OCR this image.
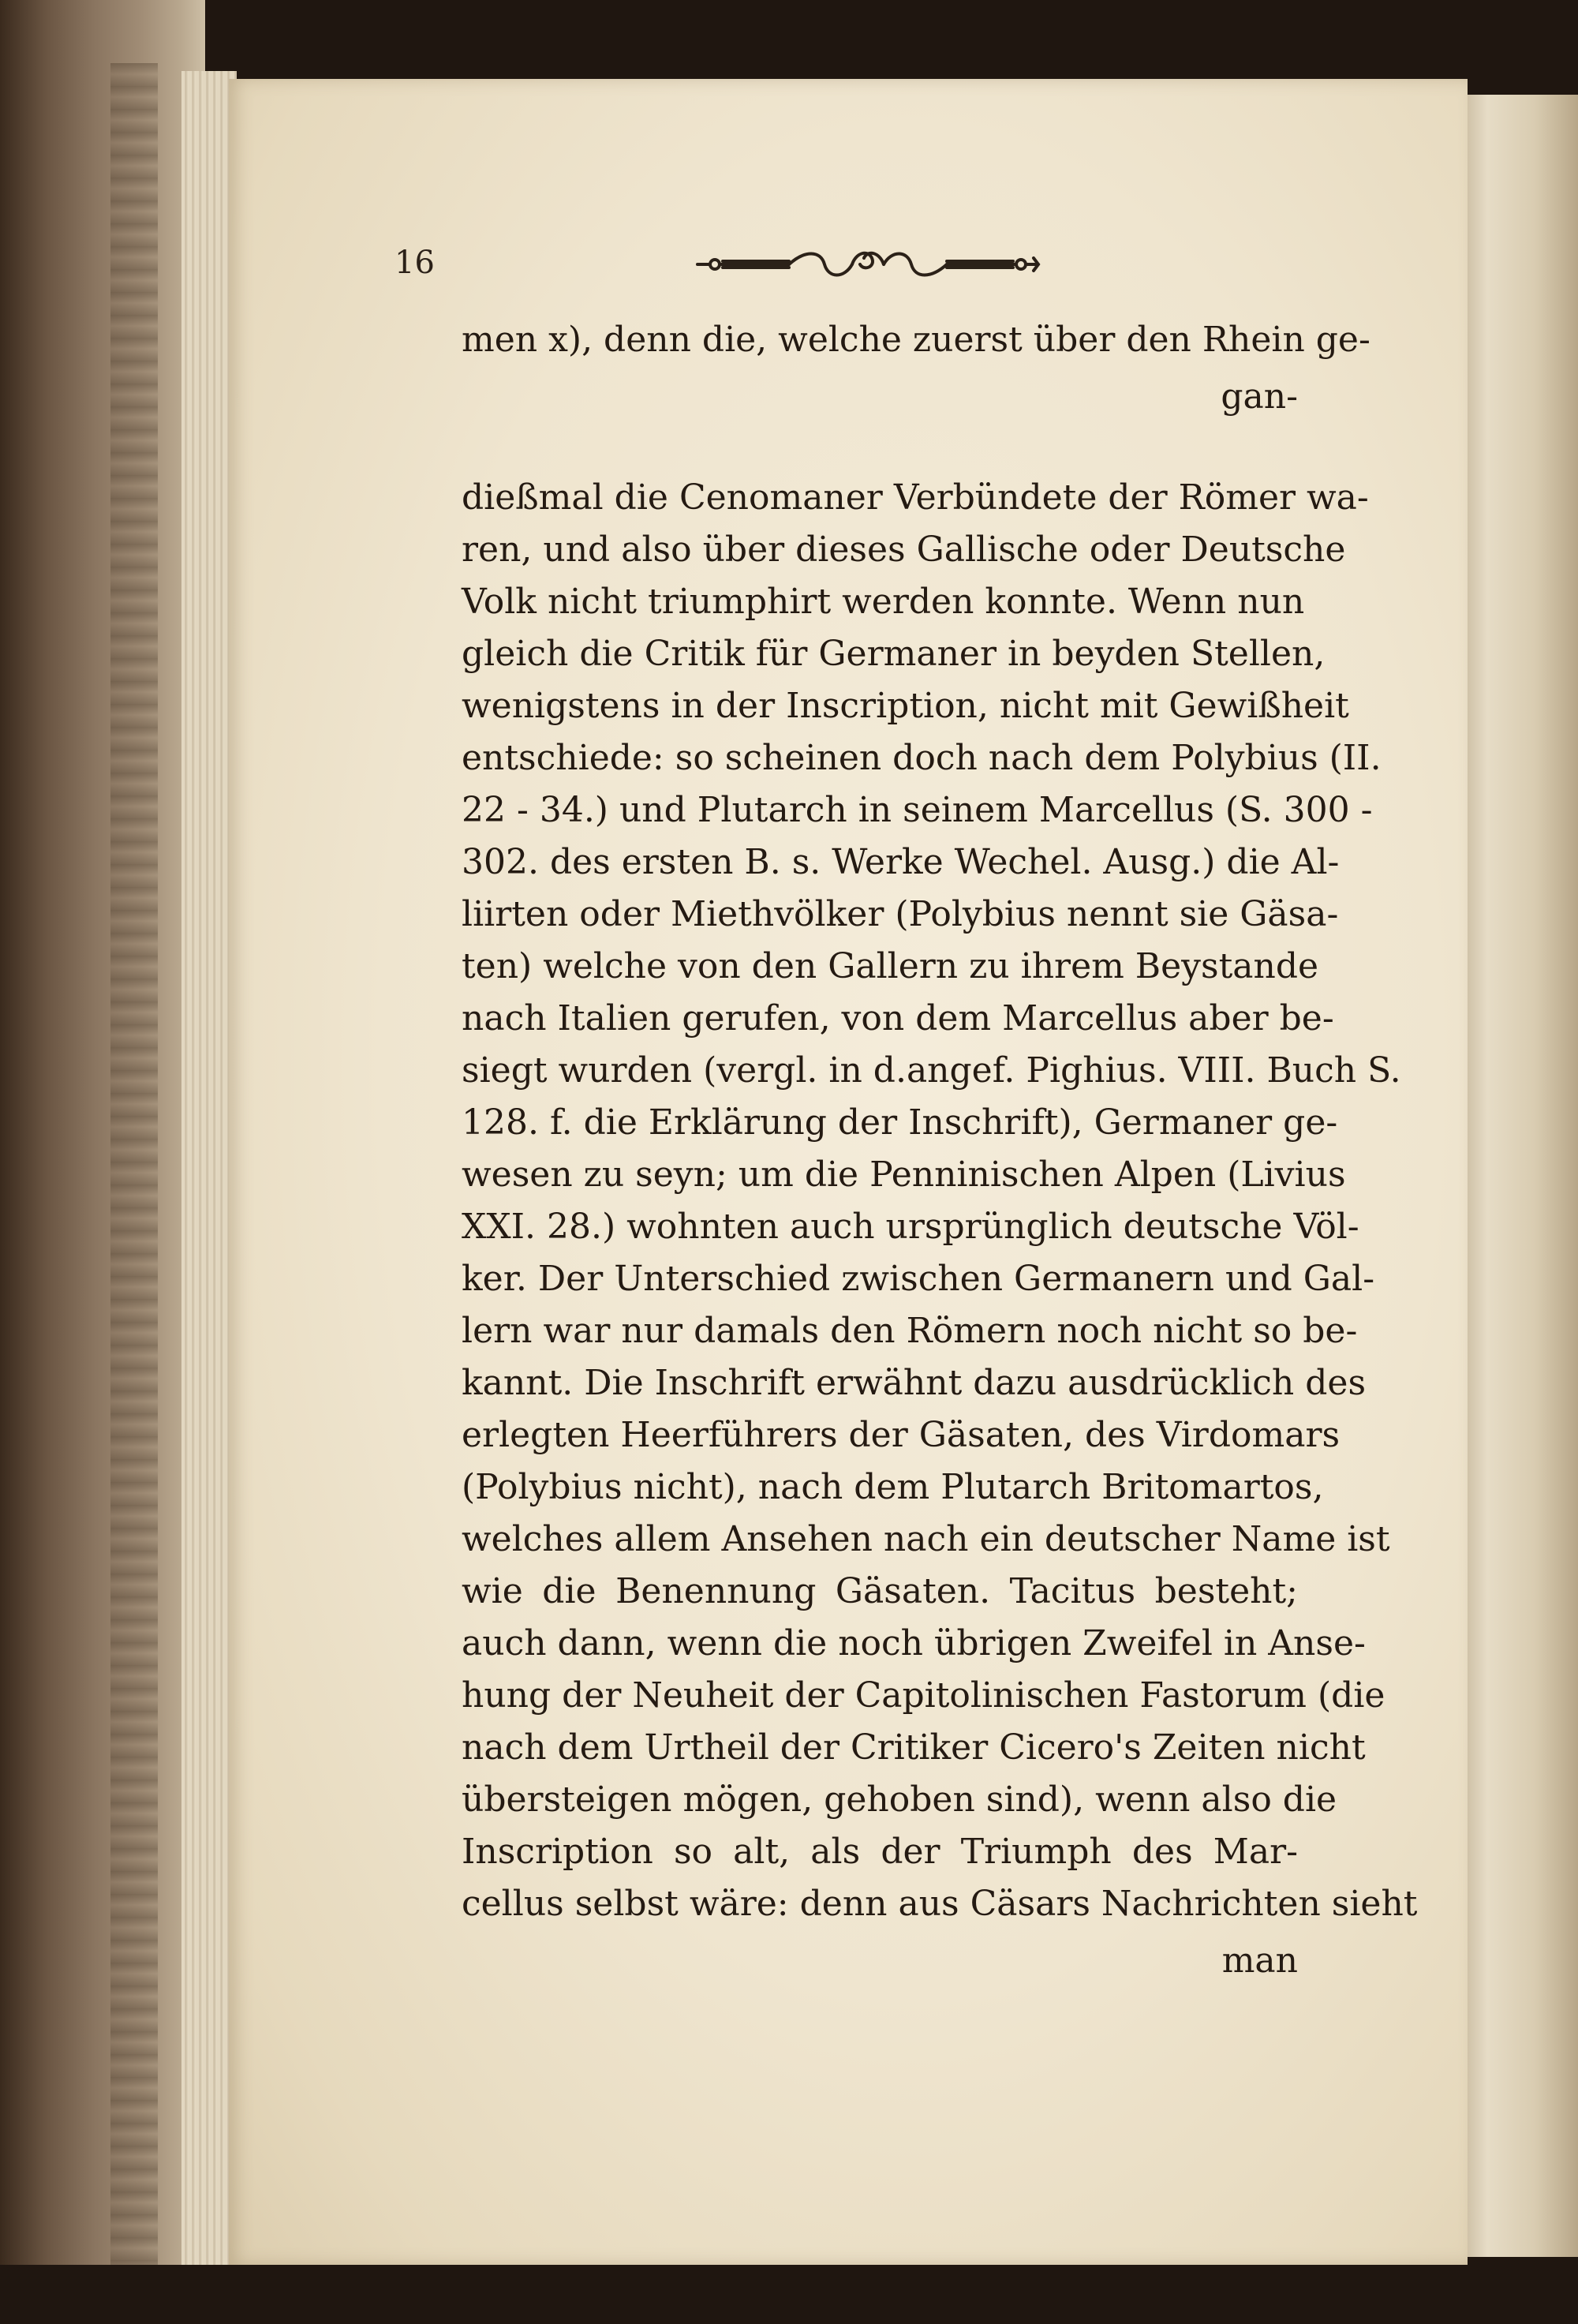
16
men x), denn die, welche zuerst über den Rhein ge-
gan-
dießmal die Cenomaner Verbündete der Römer wa-
ren, und also über dieses Gallische oder Deutsche
Volk nicht triumphirt werden konnte. Wenn nun
gleich die Critik für Germaner in beyden Stellen,
wenigstens in der Inscription, nicht mit Gewißheit
entschiede: so scheinen doch nach dem Polybius (II.
22 - 34.) und Plutarch in seinem Marcellus (S. 300 -
302. des ersten B. s. Werke Wechel. Ausg.) die Al-
liirten oder Miethvölker (Polybius nennt sie Gäsa-
ten) welche von den Gallern zu ihrem Beystande
nach Italien gerufen, von dem Marcellus aber be-
siegt wurden (vergl. in d.angef. Pighius. VIII. Buch S.
128. f. die Erklärung der Inschrift), Germaner ge-
wesen zu seyn; um die Penninischen Alpen (Livius
XXI. 28.) wohnten auch ursprünglich deutsche Völ-
ker. Der Unterschied zwischen Germanern und Gal-
lern war nur damals den Römern noch nicht so be-
kannt. Die Inschrift erwähnt dazu ausdrücklich des
erlegten Heerführers der Gäsaten, des Virdomars
(Polybius nicht), nach dem Plutarch Britomartos,
welches allem Ansehen nach ein deutscher Name ist
wie die Benennung Gäsaten. Tacitus besteht;
auch dann, wenn die noch übrigen Zweifel in Anse-
hung der Neuheit der Capitolinischen Fastorum (die
nach dem Urtheil der Critiker Cicero's Zeiten nicht
übersteigen mögen, gehoben sind), wenn also die
Inscription so alt, als der Triumph des Mar-
cellus selbst wäre: denn aus Cäsars Nachrichten sieht
man
